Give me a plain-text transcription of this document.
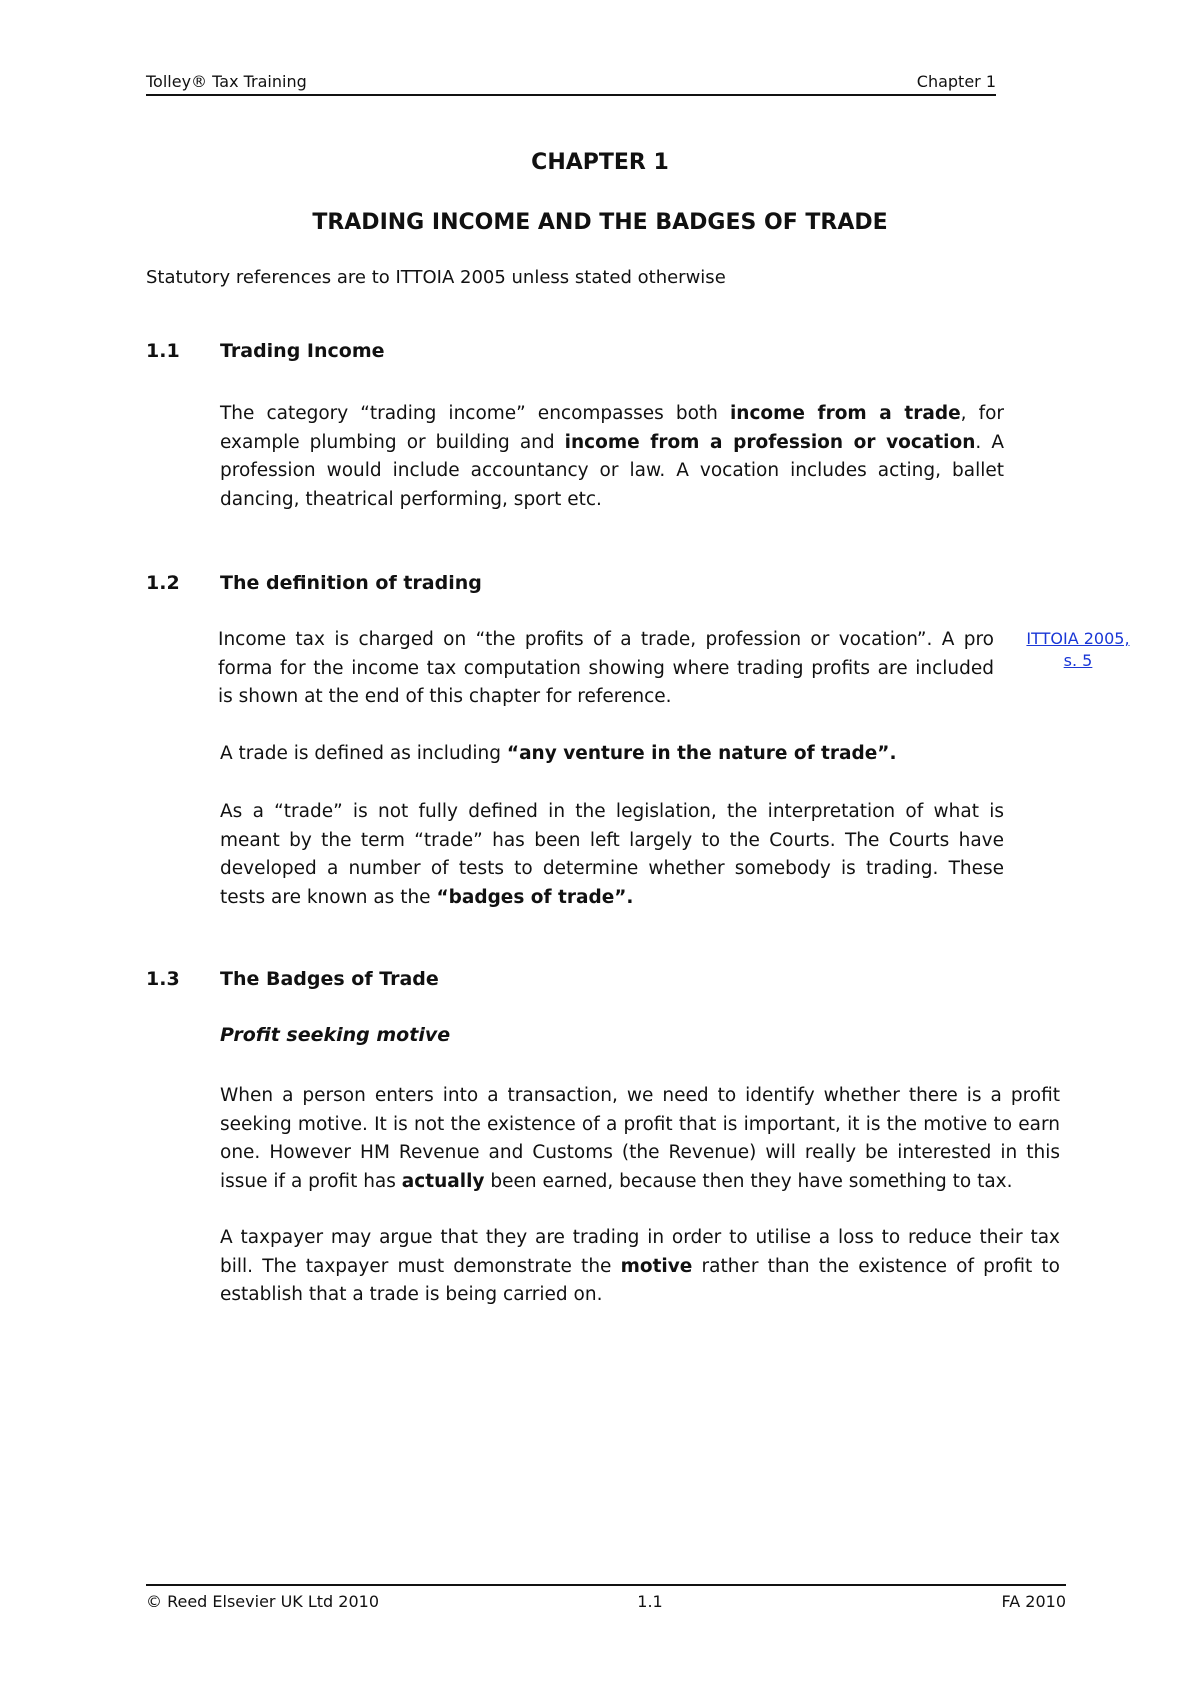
Tolley® Tax Training	Chapter 1
CHAPTER 1
TRADING INCOME AND THE BADGES OF TRADE
Statutory references are to ITTOIA 2005 unless stated otherwise
1.1 Trading Income

The category “trading income” encompasses both income from a trade, for example plumbing or building and income from a profession or vocation. A profession would include accountancy or law. A vocation includes acting, ballet dancing, theatrical performing, sport etc.

1.2 The definition of trading

Income tax is charged on “the profits of a trade, profession or vocation”. A pro forma for the income tax computation showing where trading profits are included is shown at the end of this chapter for reference.

ITTOIA 2005,
s. 5

A trade is defined as including “any venture in the nature of trade”.

As a “trade” is not fully defined in the legislation, the interpretation of what is meant by the term “trade” has been left largely to the Courts. The Courts have developed a number of tests to determine whether somebody is trading. These tests are known as the “badges of trade”.

1.3 The Badges of Trade
Profit seeking motive

When a person enters into a transaction, we need to identify whether there is a profit seeking motive. It is not the existence of a profit that is important, it is the motive to earn one. However HM Revenue and Customs (the Revenue) will really be interested in this issue if a profit has actually been earned, because then they have something to tax.

A taxpayer may argue that they are trading in order to utilise a loss to reduce their tax bill. The taxpayer must demonstrate the motive rather than the existence of profit to establish that a trade is being carried on.

© Reed Elsevier UK Ltd 2010	1.1	FA 2010
